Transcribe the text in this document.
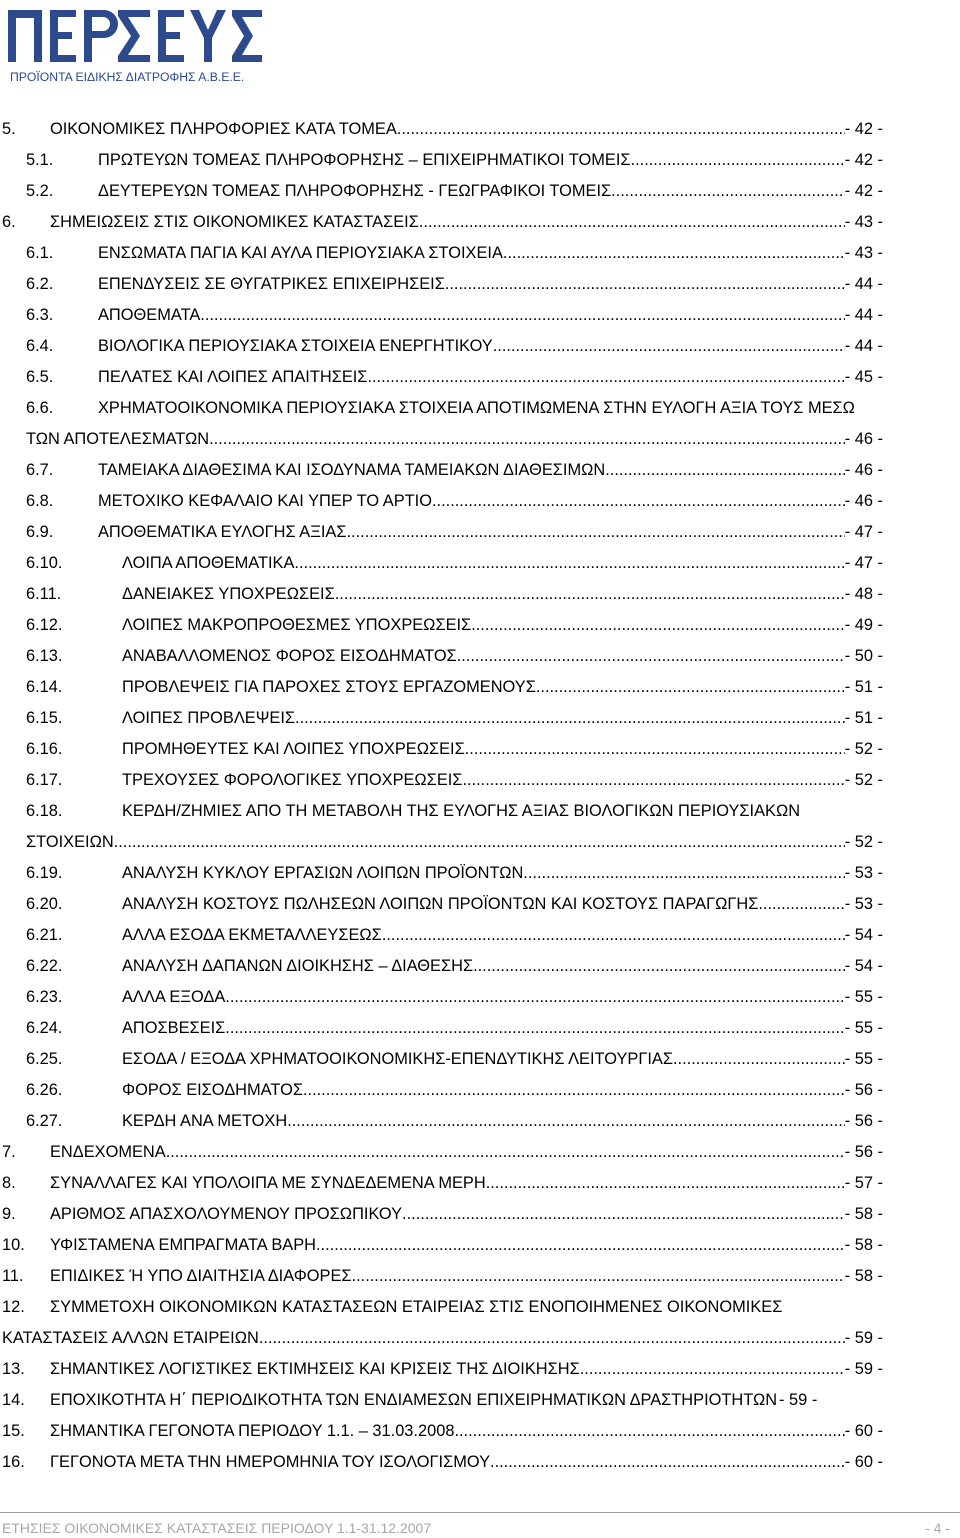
ΠΡΟΪΟΝΤΑ ΕΙΔΙΚΗΣ ΔΙΑΤΡΟΦΗΣ Α.Β.Ε.Ε.
5. ΟΙΚΟΝΟΜΙΚΕΣ ΠΛΗΡΟΦΟΡΙΕΣ ΚΑΤΑ ΤΟΜΕΑ .....	- 42 -
5.1.	ΠΡΩΤΕΥΩΝ ΤΟΜΕΑΣ ΠΛΗΡΟΦΟΡΗΣΗΣ – ΕΠΙΧΕΙΡΗΜΑΤΙΚΟΙ ΤΟΜΕΙΣ .....	- 42 -
5.2.	ΔΕΥΤΕΡΕΥΩΝ ΤΟΜΕΑΣ ΠΛΗΡΟΦΟΡΗΣΗΣ - ΓΕΩΓΡΑΦΙΚΟΙ ΤΟΜΕΙΣ .....	- 42 -
6. ΣΗΜΕΙΩΣΕΙΣ ΣΤΙΣ ΟΙΚΟΝΟΜΙΚΕΣ ΚΑΤΑΣΤΑΣΕΙΣ .....	- 43 -
6.1.	ΕΝΣΩΜΑΤΑ ΠΑΓΙΑ ΚΑΙ ΑΥΛΑ ΠΕΡΙΟΥΣΙΑΚΑ ΣΤΟΙΧΕΙΑ .....	- 43 -
6.2.	ΕΠΕΝΔΥΣΕΙΣ ΣΕ ΘΥΓΑΤΡΙΚΕΣ ΕΠΙΧΕΙΡΗΣΕΙΣ .....	- 44 -
6.3.	ΑΠΟΘΕΜΑΤΑ .....	- 44 -
6.4.	ΒΙΟΛΟΓΙΚΑ ΠΕΡΙΟΥΣΙΑΚΑ ΣΤΟΙΧΕΙΑ ΕΝΕΡΓΗΤΙΚΟΥ .....	- 44 -
6.5.	ΠΕΛΑΤΕΣ ΚΑΙ ΛΟΙΠΕΣ ΑΠΑΙΤΗΣΕΙΣ .....	- 45 -
6.6.	ΧΡΗΜΑΤΟΟΙΚΟΝΟΜΙΚΑ ΠΕΡΙΟΥΣΙΑΚΑ ΣΤΟΙΧΕΙΑ ΑΠΟΤΙΜΩΜΕΝΑ ΣΤΗΝ ΕΥΛΟΓΗ ΑΞΙΑ ΤΟΥΣ ΜΕΣΩ
ΤΩΝ ΑΠΟΤΕΛΕΣΜΑΤΩΝ .....	- 46 -
6.7.	ΤΑΜΕΙΑΚΑ ΔΙΑΘΕΣΙΜΑ ΚΑΙ ΙΣΟΔΥΝΑΜΑ ΤΑΜΕΙΑΚΩΝ ΔΙΑΘΕΣΙΜΩΝ .....	- 46 -
6.8.	ΜΕΤΟΧΙΚΟ ΚΕΦΑΛΑΙΟ ΚΑΙ ΥΠΕΡ ΤΟ ΑΡΤΙΟ .....	- 46 -
6.9.	ΑΠΟΘΕΜΑΤΙΚΑ ΕΥΛΟΓΗΣ ΑΞΙΑΣ .....	- 47 -
6.10.	ΛΟΙΠΑ ΑΠΟΘΕΜΑΤΙΚΑ .....	- 47 -
6.11.	ΔΑΝΕΙΑΚΕΣ ΥΠΟΧΡΕΩΣΕΙΣ .....	- 48 -
6.12.	ΛΟΙΠΕΣ ΜΑΚΡΟΠΡΟΘΕΣΜΕΣ ΥΠΟΧΡΕΩΣΕΙΣ .....	- 49 -
6.13.	ΑΝΑΒΑΛΛΟΜΕΝΟΣ ΦΟΡΟΣ ΕΙΣΟΔΗΜΑΤΟΣ .....	- 50 -
6.14.	ΠΡΟΒΛΕΨΕΙΣ ΓΙΑ ΠΑΡΟΧΕΣ ΣΤΟΥΣ ΕΡΓΑΖΟΜΕΝΟΥΣ .....	- 51 -
6.15.	ΛΟΙΠΕΣ ΠΡΟΒΛΕΨΕΙΣ .....	- 51 -
6.16.	ΠΡΟΜΗΘΕΥΤΕΣ ΚΑΙ ΛΟΙΠΕΣ ΥΠΟΧΡΕΩΣΕΙΣ .....	- 52 -
6.17.	ΤΡΕΧΟΥΣΕΣ ΦΟΡΟΛΟΓΙΚΕΣ ΥΠΟΧΡΕΩΣΕΙΣ .....	- 52 -
6.18.	ΚΕΡΔΗ/ΖΗΜΙΕΣ ΑΠΟ ΤΗ ΜΕΤΑΒΟΛΗ ΤΗΣ ΕΥΛΟΓΗΣ ΑΞΙΑΣ ΒΙΟΛΟΓΙΚΩΝ ΠΕΡΙΟΥΣΙΑΚΩΝ
ΣΤΟΙΧΕΙΩΝ .....	- 52 -
6.19.	ΑΝΑΛΥΣΗ ΚΥΚΛΟΥ ΕΡΓΑΣΙΩΝ ΛΟΙΠΩΝ ΠΡΟΪΟΝΤΩΝ .....	- 53 -
6.20.	ΑΝΑΛΥΣΗ ΚΟΣΤΟΥΣ ΠΩΛΗΣΕΩΝ ΛΟΙΠΩΝ ΠΡΟΪΟΝΤΩΝ ΚΑΙ ΚΟΣΤΟΥΣ ΠΑΡΑΓΩΓΗΣ .....	- 53 -
6.21.	ΑΛΛΑ ΕΣΟΔΑ ΕΚΜΕΤΑΛΛΕΥΣΕΩΣ .....	- 54 -
6.22.	ΑΝΑΛΥΣΗ ΔΑΠΑΝΩΝ ΔΙΟΙΚΗΣΗΣ – ΔΙΑΘΕΣΗΣ .....	- 54 -
6.23.	ΑΛΛΑ ΕΞΟΔΑ .....	- 55 -
6.24.	ΑΠΟΣΒΕΣΕΙΣ .....	- 55 -
6.25.	ΕΣΟΔΑ / ΕΞΟΔΑ ΧΡΗΜΑΤΟΟΙΚΟΝΟΜΙΚΗΣ-ΕΠΕΝΔΥΤΙΚΗΣ ΛΕΙΤΟΥΡΓΙΑΣ .....	- 55 -
6.26.	ΦΟΡΟΣ ΕΙΣΟΔΗΜΑΤΟΣ .....	- 56 -
6.27.	ΚΕΡΔΗ ΑΝΑ ΜΕΤΟΧΗ .....	- 56 -
7. ΕΝΔΕΧΟΜΕΝΑ .....	- 56 -
8. ΣΥΝΑΛΛΑΓΕΣ ΚΑΙ ΥΠΟΛΟΙΠΑ ΜΕ ΣΥΝΔΕΔΕΜΕΝΑ ΜΕΡΗ .....	- 57 -
9. ΑΡΙΘΜΟΣ ΑΠΑΣΧΟΛΟΥΜΕΝΟΥ ΠΡΟΣΩΠΙΚΟΥ .....	- 58 -
10. ΥΦΙΣΤΑΜΕΝΑ ΕΜΠΡΑΓΜΑΤΑ ΒΑΡΗ .....	- 58 -
11. ΕΠΙΔΙΚΕΣ Ή ΥΠΟ ΔΙΑΙΤΗΣΙΑ ΔΙΑΦΟΡΕΣ .....	- 58 -
12. ΣΥΜΜΕΤΟΧΗ ΟΙΚΟΝΟΜΙΚΩΝ ΚΑΤΑΣΤΑΣΕΩΝ ΕΤΑΙΡΕΙΑΣ ΣΤΙΣ ΕΝΟΠΟΙΗΜΕΝΕΣ ΟΙΚΟΝΟΜΙΚΕΣ
ΚΑΤΑΣΤΑΣΕΙΣ ΑΛΛΩΝ ΕΤΑΙΡΕΙΩΝ .....	- 59 -
13. ΣΗΜΑΝΤΙΚΕΣ ΛΟΓΙΣΤΙΚΕΣ ΕΚΤΙΜΗΣΕΙΣ ΚΑΙ ΚΡΙΣΕΙΣ ΤΗΣ ΔΙΟΙΚΗΣΗΣ .....	- 59 -
14. ΕΠΟΧΙΚΟΤΗΤΑ Η΄ ΠΕΡΙΟΔΙΚΟΤΗΤΑ ΤΩΝ ΕΝΔΙΑΜΕΣΩΝ ΕΠΙΧΕΙΡΗΜΑΤΙΚΩΝ ΔΡΑΣΤΗΡΙΟΤΗΤΩΝ - 59 -
15. ΣΗΜΑΝΤΙΚΑ ΓΕΓΟΝΟΤΑ ΠΕΡΙΟΔΟΥ 1.1. – 31.03.2008 .....	- 60 -
16. ΓΕΓΟΝΟΤΑ ΜΕΤΑ ΤΗΝ ΗΜΕΡΟΜΗΝΙΑ ΤΟΥ ΙΣΟΛΟΓΙΣΜΟΥ .....	- 60 -
ΕΤΗΣΙΕΣ ΟΙΚΟΝΟΜΙΚΕΣ ΚΑΤΑΣΤΑΣΕΙΣ ΠΕΡΙΟΔΟΥ 1.1-31.12.2007	- 4 -
